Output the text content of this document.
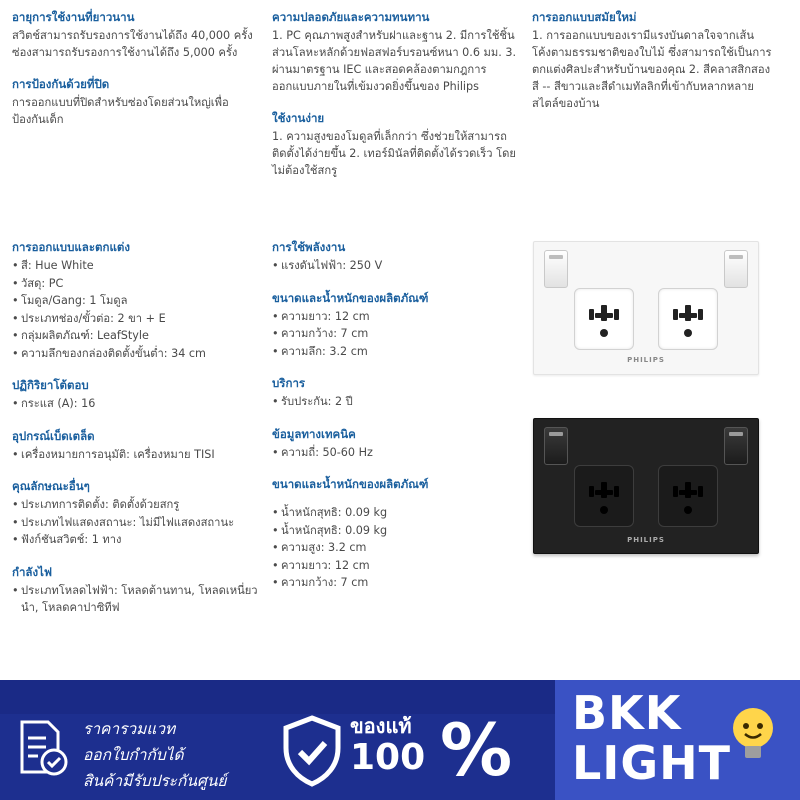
อายุการใช้งานที่ยาวนาน
สวิตช์สามารถรับรองการใช้งานได้ถึง 40,000 ครั้ง ซ่องสามารถรับรองการใช้งานได้ถึง 5,000 ครั้ง
การป้องกันด้วยที่ปิด
การออกแบบที่ปิดสำหรับซ่องโดยส่วนใหญ่เพื่อป้องกันเด็ก
ความปลอดภัยและความทนทาน
1. PC คุณภาพสูงสำหรับฝาและฐาน 2. มีการใช้ชิ้นส่วนโลหะหลักด้วยฟอสฟอร์บรอนซ์หนา 0.6 มม. 3. ผ่านมาตรฐาน IEC และสอดคล้องตามกฎการออกแบบภายในที่เข้มงวดยิ่งขึ้นของ Philips
ใช้งานง่าย
1. ความสูงของโมดูลที่เล็กกว่า ซึ่งช่วยให้สามารถติดตั้งได้ง่ายขึ้น 2. เทอร์มินัลที่ติดตั้งได้รวดเร็ว โดยไม่ต้องใช้สกรู
การออกแบบสมัยใหม่
1. การออกแบบของเรามีแรงบันดาลใจจากเส้นโค้งตามธรรมชาติของใบไม้ ซึ่งสามารถใช้เป็นการตกแต่งศิลปะสำหรับบ้านของคุณ 2. สีคลาสสิกสองสี -- สีขาวและสีดำเมทัลลิกที่เข้ากับหลากหลายสไตล์ของบ้าน
การออกแบบและตกแต่ง
• สี: Hue White
• วัสดุ: PC
• โมดูล/Gang: 1 โมดูล
• ประเภทช่อง/ขั้วต่อ: 2 ขา + E
• กลุ่มผลิตภัณฑ์: LeafStyle
• ความลึกของกล่องติดตั้งขั้นต่ำ: 34 cm
ปฏิกิริยาโต้ตอบ
• กระแส (A): 16
อุปกรณ์เบ็ดเตล็ด
• เครื่องหมายการอนุมัติ: เครื่องหมาย TISI
คุณลักษณะอื่นๆ
• ประเภทการติดตั้ง: ติดตั้งด้วยสกรู
• ประเภทไฟแสดงสถานะ: ไม่มีไฟแสดงสถานะ
• ฟังก์ชันสวิตช์: 1 ทาง
กำลังไฟ
• ประเภทโหลดไฟฟ้า: โหลดต้านทาน, โหลดเหนี่ยวนำ, โหลดคาปาซิทีฟ
การใช้พลังงาน
• แรงดันไฟฟ้า: 250 V
ขนาดและน้ำหนักของผลิตภัณฑ์
• ความยาว: 12 cm
• ความกว้าง: 7 cm
• ความลึก: 3.2 cm
บริการ
• รับประกัน: 2 ปี
ข้อมูลทางเทคนิค
• ความถี่: 50-60 Hz
ขนาดและน้ำหนักของผลิตภัณฑ์
• น้ำหนักสุทธิ: 0.09 kg
• น้ำหนักสุทธิ: 0.09 kg
• ความสูง: 3.2 cm
• ความยาว: 12 cm
• ความกว้าง: 7 cm
PHILIPS
PHILIPS
ราคารวมแวท
ออกใบกำกับได้
สินค้ามีรับประกันศูนย์
ของแท้
100 % BKK
LIGHT
